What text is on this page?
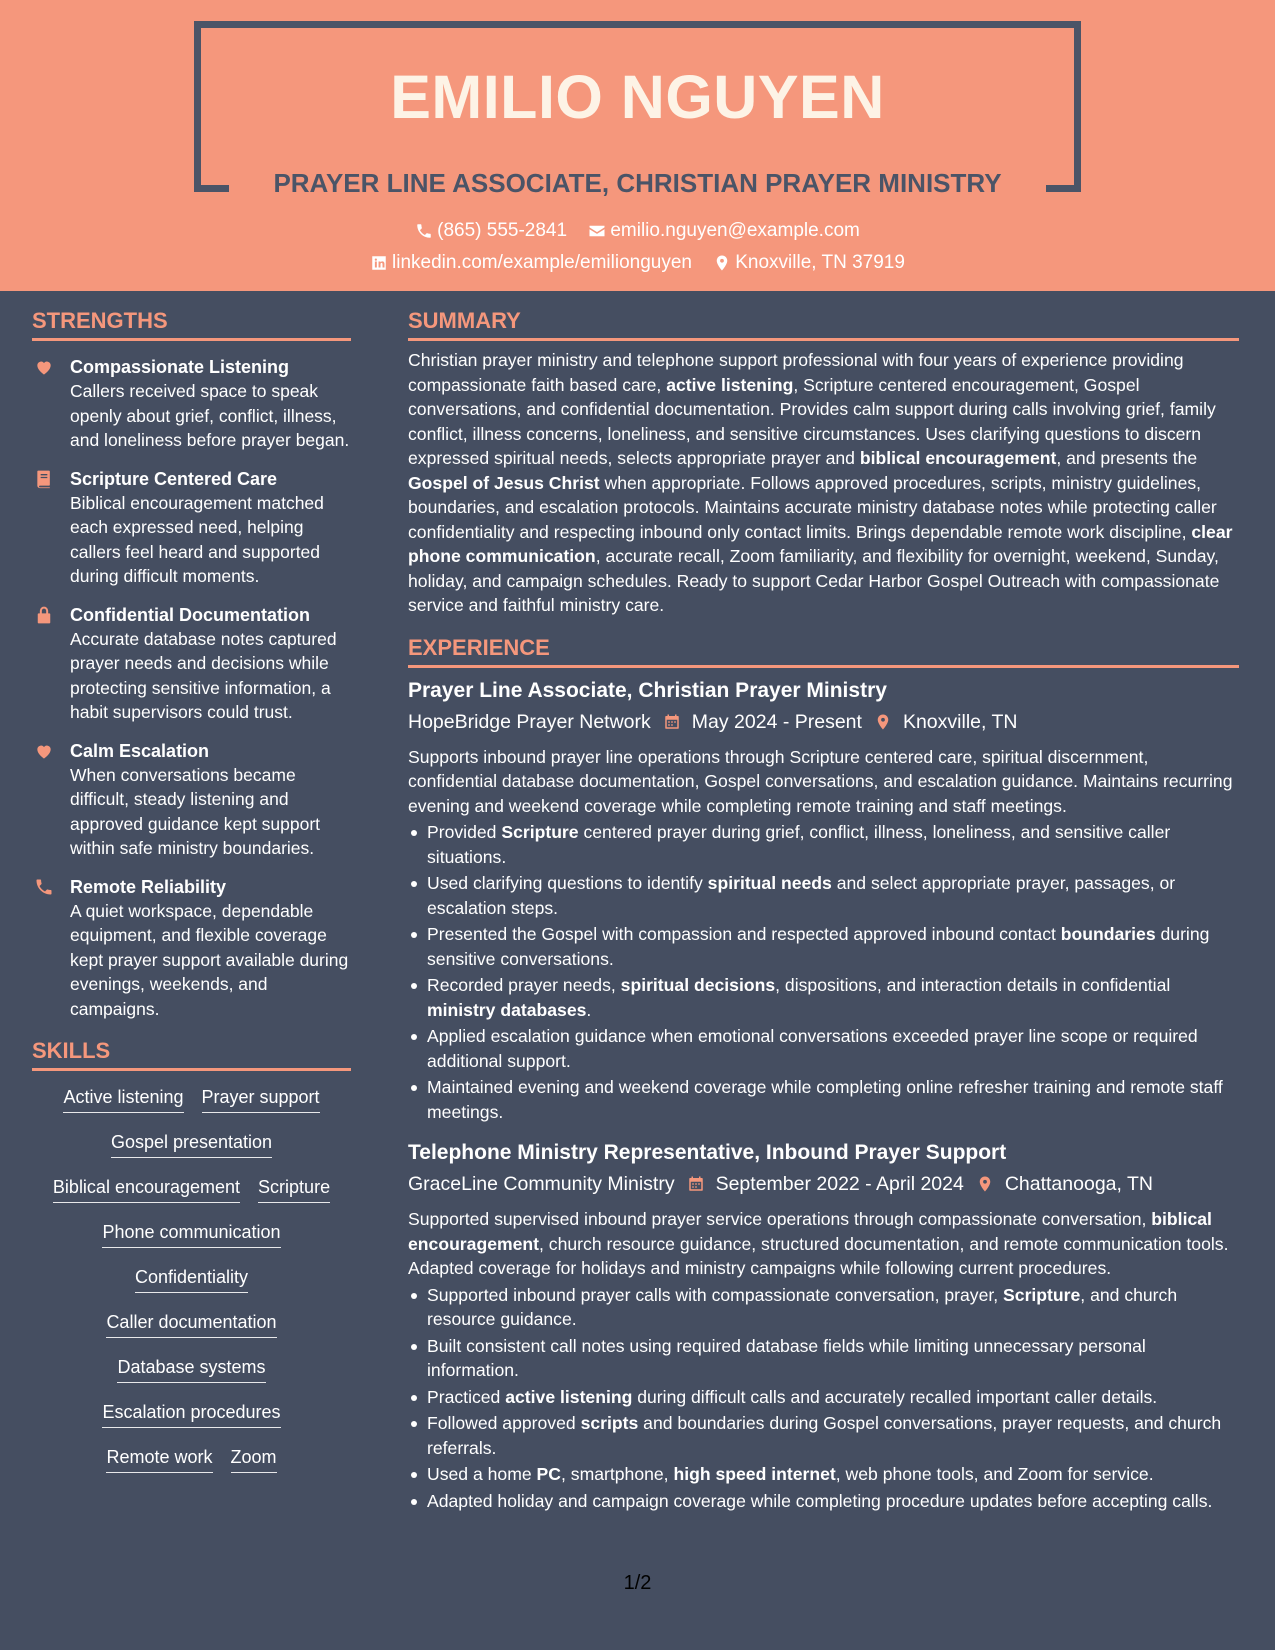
EMILIO NGUYEN
PRAYER LINE ASSOCIATE, CHRISTIAN PRAYER MINISTRY
(865) 555-2841
emilio.nguyen@example.com
linkedin.com/example/emilionguyen
Knoxville, TN 37919
STRENGTHS
Compassionate Listening
Callers received space to speak openly about grief, conflict, illness, and loneliness before prayer began.
Scripture Centered Care
Biblical encouragement matched each expressed need, helping callers feel heard and supported during difficult moments.
Confidential Documentation
Accurate database notes captured prayer needs and decisions while protecting sensitive information, a habit supervisors could trust.
Calm Escalation
When conversations became difficult, steady listening and approved guidance kept support within safe ministry boundaries.
Remote Reliability
A quiet workspace, dependable equipment, and flexible coverage kept prayer support available during evenings, weekends, and campaigns.
SKILLS
Active listening Prayer support
Gospel presentation
Biblical encouragement Scripture
Phone communication
Confidentiality
Caller documentation
Database systems
Escalation procedures
Remote work Zoom
SUMMARY
Christian prayer ministry and telephone support professional with four years of experience providing compassionate faith based care, active listening, Scripture centered encouragement, Gospel conversations, and confidential documentation. Provides calm support during calls involving grief, family conflict, illness concerns, loneliness, and sensitive circumstances. Uses clarifying questions to discern expressed spiritual needs, selects appropriate prayer and biblical encouragement, and presents the Gospel of Jesus Christ when appropriate. Follows approved procedures, scripts, ministry guidelines, boundaries, and escalation protocols. Maintains accurate ministry database notes while protecting caller confidentiality and respecting inbound only contact limits. Brings dependable remote work discipline, clear phone communication, accurate recall, Zoom familiarity, and flexibility for overnight, weekend, Sunday, holiday, and campaign schedules. Ready to support Cedar Harbor Gospel Outreach with compassionate service and faithful ministry care.
EXPERIENCE
Prayer Line Associate, Christian Prayer Ministry
HopeBridge Prayer Network May 2024 - Present Knoxville, TN
Supports inbound prayer line operations through Scripture centered care, spiritual discernment, confidential database documentation, Gospel conversations, and escalation guidance. Maintains recurring evening and weekend coverage while completing remote training and staff meetings.
Provided Scripture centered prayer during grief, conflict, illness, loneliness, and sensitive caller situations.
Used clarifying questions to identify spiritual needs and select appropriate prayer, passages, or escalation steps.
Presented the Gospel with compassion and respected approved inbound contact boundaries during sensitive conversations.
Recorded prayer needs, spiritual decisions, dispositions, and interaction details in confidential ministry databases.
Applied escalation guidance when emotional conversations exceeded prayer line scope or required additional support.
Maintained evening and weekend coverage while completing online refresher training and remote staff meetings.
Telephone Ministry Representative, Inbound Prayer Support
GraceLine Community Ministry September 2022 - April 2024 Chattanooga, TN
Supported supervised inbound prayer service operations through compassionate conversation, biblical encouragement, church resource guidance, structured documentation, and remote communication tools. Adapted coverage for holidays and ministry campaigns while following current procedures.
Supported inbound prayer calls with compassionate conversation, prayer, Scripture, and church resource guidance.
Built consistent call notes using required database fields while limiting unnecessary personal information.
Practiced active listening during difficult calls and accurately recalled important caller details.
Followed approved scripts and boundaries during Gospel conversations, prayer requests, and church referrals.
Used a home PC, smartphone, high speed internet, web phone tools, and Zoom for service.
Adapted holiday and campaign coverage while completing procedure updates before accepting calls.
1/2
